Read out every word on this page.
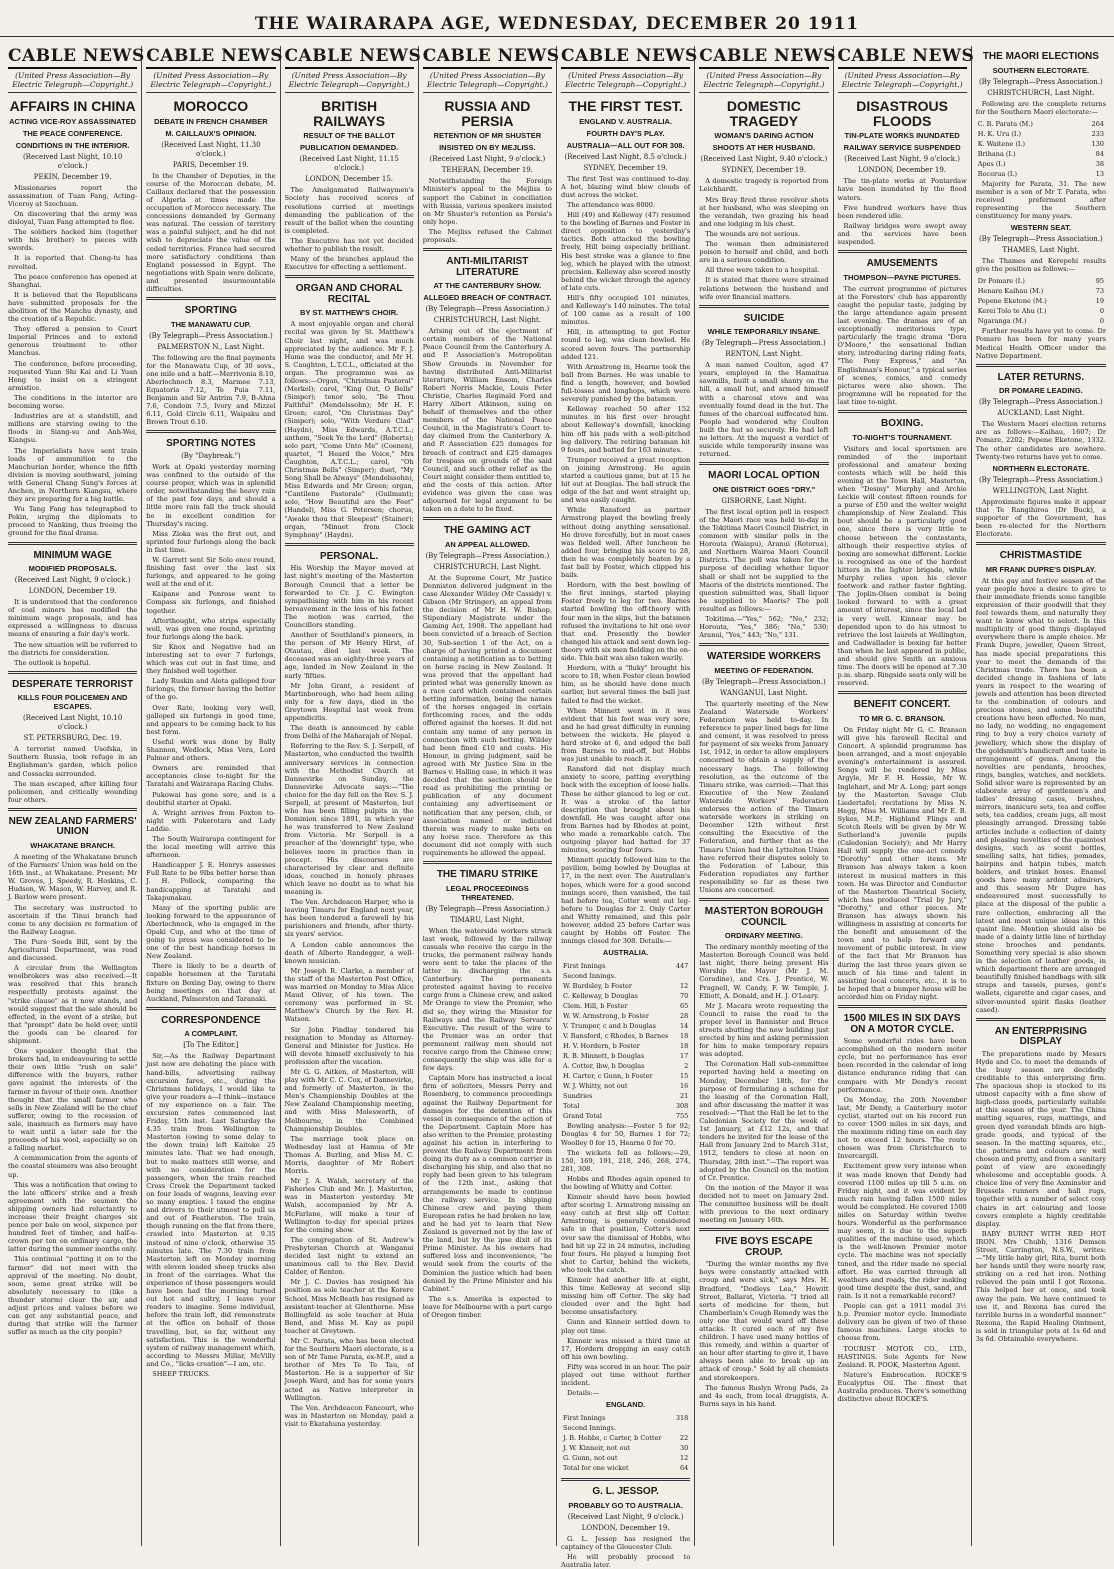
THE WAIRARAPA AGE, WEDNESDAY, DECEMBER 20 1911
CABLE NEWS
(United Press Association—By Electric Telegraph—Copyright.)
AFFAIRS IN CHINA
ACTING VICE-ROY ASSASSINATED
THE PEACE CONFERENCE.
CONDITIONS IN THE INTERIOR.
(Received Last Night, 10.10 o'clock.)
PEKIN, December 19.

Missionaries report the assassination of Tuan Fang, Acting-Viceroy at Szechuan.

On discovering that the army was disloyal, Tuan Fang attempted to flee.

The soldiers hacked him (together with his brother) to pieces with swords.

It is reported that Cheng-tu has revolted.

The peace conference has opened at Shanghai.

It is believed that the Republicans have submitted proposals for the abolition of the Manchu dynasty, and the creation of a Republic.

They offered a pension to Court Imperial Princes and to extend generous treatment to other Manchus.

The conference, before proceeding, requested Yuan Shi Kai and Li Yuan Heng to insist on a stringent armistice.

The conditions in the interior are becoming worse.

Industries are at a standstill, and millions are starving owing to the floods in Siang-su and Anh-Wei, Kiangsu.

The Imperialists have sent train loads of ammunition to the Manchurian border, whence the fifth division is moving southward, joining with General Chang Sung's forces at Anchen, in Northern Kiangsu, where they are preparing for a big battle.

Wu Tang Fang has telegraphed to Pekin, urging the diplomats to proceed to Nanking, thus freeing the ground for the final drama.

MINIMUM WAGE
MODIFIED PROPOSALS.
(Received Last Night, 9 o'clock.)
LONDON, December 19.

It is understood that the conference of coal miners has modified the minimum wage proposals, and has expressed a willingness to discuss means of ensuring a fair day's work.

The new situation will be referred to the districts for consideration.

The outlook is hopeful.

DESPERATE TERRORIST
KILLS FOUR POLICEMEN AND ESCAPES.
(Received Last Night, 10.10 o'clock.)
ST. PETERSBURG, Dec. 19.

A terrorist named Usofska, in Southern Russia, took refuge in an Englishman's garden, which police and Cossacks surrounded.

The man escaped, after killing four policemen, and critically wounding four others.

NEW ZEALAND FARMERS' UNION
WHAKATANE BRANCH.

A meeting of the Whakatane branch of the Farmers' Union was held on the 16th inst., at Whakatane. Present: Mr W. Groves, J. Speedy, R. Hoskins, C. Hudson, W. Mason, W. Harvey, and R. J. Barlow were present.

The secretary was instructed to ascertain if the Tinui branch had come to any decision re formation of the Railway League.

The Pure Seeds Bill, sent by the Agricultural Department, was read and discussed.

A circular from the Wellington woolbrokers was also received.—It was resolved that this branch respectfully protests against the "strike clause" as it now stands, and would suggest that the sale should be effected, in the event of a strike, but that "prompt" date be held over, until the goods can be cleared for shipment.

One speaker thought that the brokers had, in endeavouring to settle their own little "rush on sale" difference with the buyers, rather gave against the interests of the farmer in favour of their own. Another thought that the small farmer who sells in New Zealand will be the chief sufferer, owing to the recession of sale, inasmuch as farmers may have to wait until a later sale for the proceeds of his wool, especially so on a falling market.

A communication from the agents of the coastal steamers was also brought up.

This was a notification that owing to the late officers' strike and a fresh agreement with the seamen the shipping owners had reluctantly to increase their freight charges six pence per bale on wool, sixpence per hundred feet of timber, and half-a-crown per ton on ordinary cargo, the latter during the summer months only.

This continual "putting it on to the farmer" did not meet with the approval of the meeting. No doubt, soon, some great strike will be absolutely necessary to (like a thunder storm) clear the air, and adjust prices and values before we can get any substantial peace, and during that strike will the farmer suffer as much as the city people?

CABLE NEWS
(United Press Association—By Electric Telegraph—Copyright.)
MOROCCO
DEBATE IN FRENCH CHAMBER
M. CAILLAUX'S OPINION.
(Received Last Night, 11.30 o'clock.)
PARIS, December 19.

In the Chamber of Deputies, in the course of the Moroccan debate, M. Caillaux declared that the possession of Algeria at times made the occupation of Morocco necessary. The concessions demanded by Germany was natural. The cession of territory was a painful subject, and he did not wish to depreciate the value of the ceded territories. France had secured more satisfactory conditions than England possessed in Egypt. The negotiations with Spain were delicate, and presented insurmountable difficulties.

SPORTING
THE MANAWATU CUP.
(By Telegraph—Press Association.)
PALMERSTON N., Last Night.

The following are the final payments for the Manawatu Cup, of 30 sovs., one mile and a half.—Merrivonia 8.10, Aberlochnoch 8.3, Marmee 7.13, Equatoria 7.12, Te Puia 7.11, Benjamin and Sir Antrim 7.9, B-Ahna 7.6, Condoin 7.5, Ivory and Mizzel 6.11, Gold Circle 6.11, Waipaku and Brown Trout 6.10.

SPORTING NOTES
(By "Daybreak.")

Work at Opaki yesterday morning was confined to the outside of the course proper, which was in splendid order, notwithstanding the heavy rain of the past few days, and should a little more rain fall the track should be in excellent condition for Thursday's racing.

Miss Zioka was the first out, and sprinted four furlongs along the back in fast time.

W. Garrett sent Sir Solo once round, finishing fast over the last six furlongs, and appeared to be going well at the end of it.

Kaipane and Penrose went to Compass six furlongs, and finished together.

Afterthought, who strips especially well, was given one round, sprinting four furlongs along the back.

Sir Knox and Negative had an interesting set to over 7 furlongs, which was cut out in fast time, and they finished well together.

Lady Ruskin and Aleta galloped four furlongs, the former having the better of the go.

Over Rate, looking very well, galloped six furlongs in good time, and appears to be coming back to his best form.

Useful work was done by Bally Shannon, Wedlock, Miss Vera, Lord Palmer and others.

Owners are reminded that acceptances close to-night for the Taratahi and Wairarapa Racing Clubs.

Pukowai has gone sore, and is a doubtful starter at Opaki.

A. Wright arrives from Foxton to-night with Pukerotara and Lady Laddie.

The South Wairarapa contingent for the local meeting will arrive this afternoon.

Handicapper J. E. Henrys assesses Full Rate to be 9lbs better horse than J. H. Pollock, comparing the handicapping at Taratahi and Takapunakau.

Many of the sporting public are looking forward to the appearance of Aberlochnock, who is engaged in the Opaki Cup, and who at the time of going to press was considered to be one of the best handicap horses in New Zealand.

There is likely to be a dearth of capable horsemen at the Taratahi fixture on Boxing Day, owing to there being meetings on that day at Auckland, Palmerston and Taranaki.

CORRESPONDENCE
A COMPLAINT.
[To The Editor.]

Sir,—As the Railway Department just now are debating the place with hand-bills, advertising railway excursion fares, etc., during the Christmas holidays, I would like to give your readers a—I think—instance of my experience on a fair. The excursion rates commenced last Friday, 15th inst. Last Saturday the 4.35 train from Wellington to Masterton (owing to some delay to the down train) left Kaitoke 25 minutes late. That we had enough, but to make matters still worse, and with no consideration for the passengers, when the train reached Cross Creek the Department tacked on four loads of wagons, leaving ever so many empties. I taxed the engine and drivers to their utmost to pull us and out of Featherston. The train, though running on the flat from there, crawled into Masterton at 9.35 instead of nine o'clock, otherwise 35 minutes late. The 7.30 train from Masterton left on Monday morning with eleven loaded sheep trucks also in front of the carriages. What the experience of those passengers would have been had the morning turned out hot and sultry, I leave your readers to imagine. Some individual, before the train left, did remonstrate at the office on behalf of those travelling, but, so far, without any satisfaction. This is the wonderful system of railway management which, according to Messrs Millar, McVilly and Co., "licks creation"—I am, etc.

SHEEP TRUCKS.

CABLE NEWS
(United Press Association—By Electric Telegraph—Copyright.)
BRITISH RAILWAYS
RESULT OF THE BALLOT
PUBLICATION DEMANDED.
(Received Last Night, 11.15 o'clock.)
LONDON, December 15.

The Amalgamated Railwaymen's Society has received scores of resolutions carried at meetings demanding the publication of the result of the ballot when the counting is completed.

The Executive has not yet decided whether to publish the result.

Many of the branches applaud the Executive for effecting a settlement.

ORGAN AND CHORAL RECITAL
BY ST. MATTHEW'S CHOIR.

A most enjoyable organ and choral recital was given by St. Matthew's Choir last night, and was much appreciated by the audience. Mr F. J. Hume was the conductor, and Mr H. S. Caughton, L.T.C.L., officiated at the organ. The programme was as follows:—Organ, "Christmas Pastoral" (Merkel); carol, "King Out, O Bells" (Simper); tenor solo, "Be Thou Faithful" (Mendelssohn); Mr H. F. Green; carol, "On Christmas Day" (Simper); solo, "With Verdure Clad" (Haydn), Miss Edwards, A.T.C.L.; anthem, "Seek Ye the Lord" (Roberts); solo part, "Come Unto Me" (Coenen), quartet, "I Heard the Voice," Mrs Caughton, A.T.C.L.; carol, "Oh Christmas Bells" (Simper); duet, "My Song Shall be Always" (Mendelssohn), Miss Edwards and Mr Green; organ, "Cantilene Pastorale" (Guilmant); solo, "How Beautiful are the Feet" (Handel), Miss G. Petersen; chorus, "Awake thou that Sleepest" (Stainer); organ, "Minuet from Clock Symphony" (Haydn).

PERSONAL.

His Worship the Mayor moved at last night's meeting of the Masterton Borough Council that a letter be forwarded to Cr. J. C. Ewington sympathising with him in his recent bereavement in the loss of his father. The motion was carried, the Councillors standing.

Another of Southland's pioneers, in the person of Mr Henry Hirst, of Otautau, died last week. The deceased was an eighty-three years of age, landed in New Zealand in the early 'fifties.

Mr John Grant, a resident of Martinborough, who had been ailing only for a few days, died in the Greytown Hospital last week from appendicitis.

The death is announced by cable from Delhi of the Maharajah of Nepal.

Referring to the Rev. S. J. Serpell, of Masterton, who conducted the twelfth anniversary services in connection with the Methodist Church at Dannevirke on Sunday, the Dannevirke Advocate says:—"The choice for the day fell on the Rev. S. J. Serpell, at present of Masterton, but who has been filling pulpits in the Dominion since 1891, in which year he was transferred to New Zealand from Victoria. Mr Serpell is a preacher of the 'downright' type, who believes more in practice than in precept. His discourses are characterised by clear and definite ideas, couched in homely phrases which leave no doubt as to what his meaning is.

The Ven. Archdeacon Harper, who is leaving Timaru for England next year, has been tendered a farewell by his parishioners and friends, after thirty-six years' service.

A London cable announces the death of Alberto Randegger, a well-known musician.

Mr Joseph R. Clarke, a member of the staff of the Masterton Post Office, was married on Monday to Miss Alice Maud Oliver, of his town. The ceremony was performed in St. Matthew's Church by the Rev. H. Watson.

Sir John Findlay tendered his resignation to Monday as Attorney-General and Minister for Justice. He will devote himself exclusively to his profession after the vacation.

Mr G. G. Aitken, of Masterton, will play with Mr C. C. Cox, of Dannevirke, and formerly of Masterton, in the Men's Championship Doubles at the New Zealand Championship meeting, and with Miss Molesworth, of Melbourne, in the Combined Championship Doubles.

The marriage took place on Wednesday last at Hamua of Mr Thomas A. Burling, and Miss M. C. Morris, daughter of Mr Robert Morris.

Mr J. A. Walsh, secretary of the Fisheries Club and Mr. J. Masterton, was in Masterton yesterday. Mr Walsh, accompanied by Mr A. McFarlane, will make a tour of Wellington to-day for special prizes for the coming show.

The congregation of St. Andrew's Presbyterian Church at Wanganui decided last night to extend an unanimous call to the Rev. David Calder, of Renton.

Mr J. C. Davies has resigned his position as sole teacher at the Korere School. Miss McBeath has resigned as assistant-teacher at Glenthorne. Miss Bollingfeld as sole teacher at Huia Bend, and Miss M. Kay as pupil teacher at Greytown.

Mr C. Parata, who has been elected for the Southern Maori electorate, is a son of Mr Tame Parata, ex-M.P., and a brother of Mrs Te Te Tau, of Masterton. He is a supporter of Sir Joseph Ward, and has for some years acted as Native interpreter in Wellington.

The Ven. Archdeacon Fancourt, who was in Masterton on Monday, paid a visit to Ekatahuna yesterday.

CABLE NEWS
(United Press Association—By Electric Telegraph—Copyright.)
RUSSIA AND PERSIA
RETENTION OF MR SHUSTER
INSISTED ON BY MEJLISS.
(Received Last Night, 9 o'clock.)
TEHERAN, December 19.

Notwithstanding the Foreign Minister's appeal to the Mejliss to support the Cabinet in conciliation with Russia, various speakers insisted on Mr Shuster's retention as Persia's only hope.

The Mejliss refused the Cabinet proposals.

ANTI-MILITARIST LITERATURE
AT THE CANTERBURY SHOW.
ALLEGED BREACH OF CONTRACT.
(By Telegraph—Press Association.)
CHRISTCHURCH, Last Night.

Arising out of the ejectment of certain members of the National Peace Council from the Canterbury A. and P. Association's Metropolitan Show Grounds in November for having distributed Anti-Militarist literature, William Ensom, Charles Robert Norris Mackie, Louis Peter Christie, Charles Reginald Ford and Harry Albert Atkinson, suing on behalf of themselves and the other members of the National Peace Council, in the Magistrate's Court to-day claimed from the Canterbury A. and P. Association £25 damages for breach of contract and £25 damages for trespass on grounds of the said Council, and such other relief as the Court might consider them entitled to, and the costs of this action. After evidence was given the case was adjourned for legal argument to be taken on a date to be fixed.

THE GAMING ACT
AN APPEAL ALLOWED.
(By Telegraph—Press Association.)
CHRISTCHURCH, Last Night.

At the Supreme Court, Mr Justice Denniston delivered judgment in the case Alexander Wildey (Mr Cassidy) v. Gibson (Mr Stringer), an appeal from the decision of Mr H. W. Bishop, Stipendiary Magistrate under the Gaming Act, 1908. The appellant had been convicted of a breach of Section 30, Sub-section 1 of the Act, on a charge of having printed a document containing a notification as to betting on horse racing in New Zealand. It was proved that the appellant had printed what was generally known as a race card which contained certain betting information, being the names of the horses engaged in certain forthcoming races, and the odds offered against the horses. It did not contain any name of any person in connection with such betting. Wildey had been fined £10 and costs. His Honour, in giving judgment, said he agreed with Mr Justice Sim in the Barnes v. Halling case, in which it was decided that the section should be read as prohibiting the printing or publication of any document containing any advertisement or notification that any person, club, or association named or indicated therein was ready to make bets on any horse race. Therefore as this document did not comply with such requirements he allowed the appeal.

THE TIMARU STRIKE
LEGAL PROCEEDINGS THREATENED.
(By Telegraph—Press Association.)
TIMARU, Last Night.

When the waterside workers struck last week, followed by the railway casuals who receive the cargo in the trucks, the permanent railway hands were sent to take the places of the latter in discharging the s.s. Canterbury. The permanents protested against having to receive cargo from a Chinese crew, and asked Mr Orange to view the Premier, who did so, they wiring the Minister for Railways and the Railway Servants' Executive. The result of the wire to the Premier was an order that permanent railway men should not receive cargo from the Chinese crew; consequently the ship was idle for a few days.

Captain More has instructed a local firm of solicitors, Messrs Perry and Rosenberg, to commence proceedings against the Railway Department for damages for the detention of this vessel in consequence of the action of the Department. Captain More has also written to the Premier, protesting against his action in interfering to prevent the Railway Department from doing its duty as a common carrier in discharging his ship, and also that no reply had been given to his telegram of the 12th inst., asking that arrangements be made to continue the railway service. In shipping Chinese crew and paying them European rates he had broken no law, and he had yet to learn that New Zealand is governed not by the law of the land, but by the ipse dixit of its Prime Minister. As his owners had suffered loss and inconvenience, "he would seek from the courts of the Dominion the justice which had been denied by the Prime Minister and his Cabinet."

The s.s. Amerika is expected to leave for Melbourne with a part cargo of Oregon timber.

CABLE NEWS
(United Press Association—By Electric Telegraph—Copyright.)
THE FIRST TEST.
ENGLAND V. AUSTRALIA.
FOURTH DAY'S PLAY.
AUSTRALIA—ALL OUT FOR 308.
(Received Last Night, 8.5 o'clock.)
SYDNEY, December 19.

The first Test was continued to-day. A hot, blazing wind blew clouds of dust across the wicket.

The attendance was 8000.

Hill (49) and Kelleway (47) resumed to the bowling of Barnes and Foster in direct opposition to yesterday's tactics. Both attacked the bowling freely, Hill being especially brilliant. His best stroke was a glance to fine leg, which he played with the utmost precision. Kelleway also scored mostly behind the wicket through the agency of late cuts.

Hill's fifty occupied 101 minutes, and Kelleway's 140 minutes. The total of 100 came as a result of 100 minutes.

Hill, in attempting to get Foster round to leg, was clean bowled. He scored seven fours. The partnership added 121.

With Armstrong in, Hearne took the ball from Barnes. He was unable to find a length, however, and bowled full-tosses and longhops, which were severely punished by the batsmen.

Kelleway reached 50 after 152 minutes in his first over brought about Kelleway's downfall, knocking him off his pads with a well-pitched leg delivery. The retiring batsman hit 9 fours, and batted for 163 minutes.

Trumper received a great reception on joining Armstrong. He again started a cautious game, but at 15 he hit out at Douglas. The ball struck the edge of the bat and went straight up, and was easily caught.

While Ransford as partner Armstrong played the bowling freely without doing anything sensational. He drove forcefully, but in most cases was fielded well. After luncheon he added four, bringing his score to 28, then he was completely beaten by a fast ball by Foster, which clipped his bails.

Hordern, with the best bowling of the first innings, started playing Foster freely to leg for two. Barnes started bowling the off-theory with four men in the slips, but the batsmen refused the invitations to hit one over that end. Presently the bowler changed his attack and sent down leg-theory with six men fielding on the on-side. This bait was also taken warily.

Hordern, with a "fluky" brought his score to 18, when Foster clean bowled him, as he should have done much earlier, but several times the ball just failed to find the wicket.

When Minnett went in it was evident that his foot was very sore, and he had great difficulty in running between the wickets. He played a hard stroke at 6, and edged the ball from Barnes to mid-off, but Hobbs was just unable to reach it.

Ransford did not display much anxiety to score, patting everything back with the exception of loose balls. These he either glanced to leg or cut. It was a stroke of the latter description that brought about his downfall. He was caught after one from Barnes had by Rhodes at point, who made a remarkable catch. The outgoing player had batted for 37 minutes, scoring four fours.

Minnett quickly followed him to the pavilion, being bowled by Douglas at 17, in the next over. The Australian's hopes, which were for a good second innings score, then vanished, the tail had before tea, Cotter went out leg-before to Douglas for 2. Only Carter and Whitty remained, and this pair however, added 25 before Carter was caught by Hobbs off Foster. The innings closed for 308. Details:—

AUSTRALIA.
First Innings	447
Second Innings.	
W. Bardsley, b Foster	12
C. Kelleway, b Douglas	70
Clem. Hill, b Foster	65
W. W. Armstrong, b Foster	28
V. Trumper, c and b Douglas	14
V. Ransford, c Rhodes, b Barnes	18
H. V. Hordern, b Foster	18
R. B. Minnett, b Douglas	17
A. Cotter, lbw, b Douglas	2
H. Carter, c Gunn, b Foster	15
W. J. Whitty, not out	16
Sundries	21
Total	308
Grand Total	755

Bowling analysis:—Foster 5 for 92; Douglas 4 for 50, Barnes 1 for 72; Woolley 0 for 15, Hearne 0 for 70.

The wickets fell as follows:—29, 150, 169, 191, 218, 246, 268, 274, 281, 308.

Hobbs and Rhodes again opened to the bowling of Whitty and Cotter.

Kinneir should have been bowled after scoring 1. Armstrong missing an easy catch at first slip off Cotter. Armstrong, is generally considered safe in that position, Cotter's next over saw the dismissal of Hobbs, who had hit up 22 in 24 minutes, including four fours. He played a lumping foot shot to Carter, behind the wickets, who took the catch.

Kinneir had another life at eight, this time Kelleway at second slip missing him off Cotter. The sky had clouded over and the light had become unsatisfactory.

Gunn and Kinneir settled down to play out time.

Kinneir was missed a third time at 17, Hordern dropping an easy catch off his own bowling.

Fifty was scored in an hour. The pair played out time without further incident.

Details:—

ENGLAND.
First Innings	318
Second Innings.	
J. B. Hobbs, c Carter, b Cotter	22
J. W. Kinneir, not out	30
G. Gunn, not out	12
Total for one wicket	64
G. L. JESSOP.
PROBABLY GO TO AUSTRALIA.
(Received Last Night, 9 o'clock.)
LONDON, December 19.

G. L. Jessop has resigned the captaincy of the Gloucester Club.

He will probably proceed to Australia later.

CABLE NEWS
(United Press Association—By Electric Telegraph—Copyright.)
DOMESTIC TRAGEDY
WOMAN'S DARING ACTION
SHOOTS AT HER HUSBAND.
(Received Last Night, 9.40 o'clock.)
SYDNEY, December 19.

A domestic tragedy is reported from Leichhardt.

Mrs Bray fired three revolver shots at her husband, who was sleeping on the verandah, two grazing his head and one lodging in his chest.

The wounds are not serious.

The woman then administered poison to herself and child, and both are in a serious condition.

All three were taken to a hospital.

It is stated that there were strained relations between the husband and wife over financial matters.

SUICIDE
WHILE TEMPORARILY INSANE.
(By Telegraph—Press Association.)
RENTON, Last Night.

A man named Coulton, aged 47 years, employed in the Hamaitua sawmills, built a small shanty on the hill, a small hut, and armed himself with a charcoal stove and was eventually found dead in the hut. The fumes of the charcoal suffocated him. People had wondered why Coulton built the hut so securely. He had left no letters. At the inquest a verdict of suicide while temporarily insane was returned.

MAORI LOCAL OPTION
ONE DISTRICT GOES "DRY."
GISBORNE, Last Night.

The first local option poll in respect of the Maori race was held to-day in the Tokitima Maori Council District, in common with similar polls in the Horouta (Waiapu), Aranui (Rotorua), and Northern Wairoa Maori Council Districts. The poll was taken for the purpose of deciding whether liquor shall or shall not be supplied to the Maoris of the districts mentioned. The question submitted was, Shall liquor be supplied to Maoris? The poll resulted as follows:—

Tokitima.—"Yes," 562; "No," 232; Horouta, "Yes," 386; "No," 530; Aranui, "Yes," 443; "No," 131.

WATERSIDE WORKERS
MEETING OF FEDERATION.
(By Telegraph—Press Association.)
WANGANUI, Last Night.

The quarterly meeting of the New Zealand Waterside Workers' Federation was held to-day. In reference to paper lined bags for lime and cement, it was resolved to press for payment of six weeks from January 1st, 1912, in order to allow employers concerned to obtain a supply of the necessary bags. The following resolution, as the outcome of the Timaru strike, was carried:—That this Executive of the New Zealand Waterside Workers' Federation endorses the action of the Timaru waterside workers in striking on December 12th without first consulting the Executive of the Federation, and further that as the Timaru Union had the Lyttelton Union have referred their disputes solely to the Federation of Labour, this Federation repudiates any further responsibility so far as these two Unions are concerned.

MASTERTON BOROUGH COUNCIL
ORDINARY MEETING.

The ordinary monthly meeting of the Masterton Borough Council was held last night, there being present His Worship the Mayor (Mr J. M. Coradine), and Crs. J. Prentice, W. Pragnell, W. Candy, F. W. Temple, J. Elliott, A. Donald, and H. J. O'Leary.

Mr J. Macara wrote requesting the Council to raise the road to the proper level in Bannister and Bruce streets abutting the new building just erected by him and asking permission for him to make temporary repairs was adopted.

The Coronation Hall sub-committee reported having held a meeting on Monday, December 18th, for the purpose of formulating a scheme for the leasing of the Coronation Hall, and after discussing the matter it was resolved:—"That the Hall be let to the Caledonian Society for the week of 1st January, at £12 12s, and that tenders be invited for the lease of the Hall from January 2nd to March 31st, 1912, tenders to close at noon on Thursday, 28th inst."—The report was adopted by the Council on the motion of Cr. Prentice.

On the motion of the Mayor it was decided not to meet on January 2nd. The committee business will be dealt with previous to the next ordinary meeting on January 16th.

FIVE BOYS ESCAPE CROUP.

"During the winter months my five boys were constantly attacked with croup and were sick," says Mrs. H. Bradford, "Dodleys Lea," Howitt Street, Ballarat, Victoria. "I tried all sorts of medicine for them, but Chamberlain's Cough Remedy was the only one that would ward off these attacks. It cured each of my five children. I have used many bottles of this remedy, and within a quarter of an hour after starting to give it, I have always been able to break up an attack of croup." Sold by all chemists and storekeepers.

The famous Ruslyn Wrong Pads, 2s and 4s each, from local druggists, A. Burns says in his hand.

CABLE NEWS
(United Press Association—By Electric Telegraph—Copyright.)
DISASTROUS FLOODS
TIN-PLATE WORKS INUNDATED
RAILWAY SERVICE SUSPENDED
(Received Last Night, 9 o'clock.)
LONDON, December 19.

The tin-plate works at Pontardaw have been inundated by the flood waters.

Five hundred workers have thus been rendered idle.

Railway bridges were swept away and the services have been suspended.

AMUSEMENTS
THOMPSON—PAYNE PICTURES.

The current programme of pictures at the Foresters' club has apparently caught the popular taste, judging by the large attendance again present last evening. The dramas are of an exceptionally meritorious type, particularly the tragic drama "Dora O'Moore," the sensational Indian story, introducing daring riding feats, "The Pony Express," and "An Englishman's Honour," a typical series of scenes, comics, and comedy pictures were also shown. The programme will be repeated for the last time to-night.

BOXING.
TO-NIGHT'S TOURNAMENT.

Visitors and local sportsmen are reminded of the important professional and amateur boxing contests which will be held this evening at the Town Hall, Masterton, when "Desmy" Murphy and Archie Leckie will contest fifteen rounds for a purse of £50 and the welter weight championship of New Zealand. This bout should be a particularly good one, since there is very little to choose between the contestants, although their respective styles of boxing are somewhat different. Leckie is recognised as one of the hardest hitters in the lighter brigade, while Murphy relies upon his clever footwork and rather faster fighting. The Joplin-Olsen combat is being looked forward to with a great amount of interest, since the local lad is very well. Kinnear may be depended upon to do his utmost to retrieve the lost laurels at Wellington, and Cadwallader is boxing far better than when he last appeared in public, and should give Smith an anxious time. The doors will be opened at 7.30 p.m. sharp. Ringside seats only will be reserved.

BENEFIT CONCERT.
TO MR G. C. BRANSON.

On Friday night Mr G. C. Branson will give his farewell Recital and Concert. A splendid programme has been arranged, and a most enjoyable evening's entertainment is assured. Songs will be rendered by Miss Argyle, Mr F. H. Hessie, Mr W. Inglehart, and Mr A. Long; part songs by the Masterton Savage Club Liedertafel; recitations by Miss N. Hegg, Miss M. Williams and Mr E. B. Sykes, M.P.; Highland Flings and Scotch Reels will be given by Mr W. Sutherland's juvenile pupils (Caledonian Society); and Mr Harry Hall will supply the one-act comedy "Dorothy" and other items. Mr Branson has always taken a keen interest in musical matters in this town. He was Director and Conductor of the Masterton Theatrical Society, which has produced "Trial by Jury," "Dorothy," and other pieces. Mr Branson has always shown his willingness in assisting at concerts for the benefit and amusement of the town and to help forward any movement of public interest. In view of the fact that Mr Branson has during the last three years given so much of his time and talent in assisting local concerts, etc., it is to be hoped that a bumper house will be accorded him on Friday night.

1500 MILES IN SIX DAYS ON A MOTOR CYCLE.

Some wonderful rides have been accomplished on the modern motor cycle, but no performance has ever been recorded in the calendar of long distance endurance riding that can compare with Mr Dendy's recent performance.

On Monday, the 20th November last, Mr Dendy, a Canterbury motor cyclist, started out on his record run to cover 1500 miles in six days, and the maximum riding time on each day not to exceed 12 hours. The route chosen was from Christchurch to Invercargill.

Excitement grew very intense when it was made known that Dendy had covered 1100 miles up till 5 a.m. on Friday night, and it was evident by much rain having fallen 1500 miles would be completed. He covered 1500 miles on Saturday within twelve hours. Wonderful as the performance may seem, it is due to the superb qualities of the machine used, which is the well-known Premier motor cycle. The machine was not specially tuned, and the rider made no special effort. He was carried through all weathers and roads, the rider making good time despite the dust, sand, and rain. Is it not a remarkable record?

People can get a 1911 model 3½ h.p. Premier motor cycle. Immediate delivery can be given of two of these famous machines. Large stocks to choose from.

TOURIST MOTOR CO., LTD., HASTINGS. Sole Agents for New Zealand. R. POOK, Masterton Agent.

Nature's Embrocation. ROCKE'S Eucalyptus Oil. The finest that Australia produces. There's something distinctive about ROCKE'S.

THE MAORI ELECTIONS
SOUTHERN ELECTORATE.
(By Telegraph—Press Association.)
CHRISTCHURCH, Last Night.

Following are the complete returns for the Southern Maori electorate:—

C. R. Parata (M.)	264
H. K. Uru (I.)	233
K. Waitene (I.)	130
Brihana (I.)	84
Apes (I.)	38
Rocerua (I.)	13

Majority for Parata, 31. The new member is a son of Mr T. Parata, who received preferment after representing the Southern constituency for many years.

WESTERN SEAT.
(By Telegraph—Press Association.)
THAMES, Last Night.

The Thames and Kerepehi results give the position as follows:—

Dr Pomare (I.)	95
Henare Kaihau (M.)	73
Pepene Eketone (M.)	19
Kerei Tolo te Ahu (I.)	0
Ngaranga (M.)	0

Further results have yet to come. Dr Pomare has been for many years Medical Health Officer under the Native Department.

LATER RETURNS.
DR POMARE LEADING.
(By Telegraph—Press Association.)
AUCKLAND, Last Night.

The Western Maori election returns are as follows:—Kaihau, 1607; Dr Pomare, 2202; Pepene Eketone, 1332. The other candidates are nowhere. Twenty-two returns have yet to come.

NORTHERN ELECTORATE.
(By Telegraph—Press Association.)
WELLINGTON, Last Night.

Approximate figures make it appear that Te Rangihiroa (Dr Buck), a supporter of the Government, has been re-elected for the Northern Electorate.

CHRISTMASTIDE
MR FRANK DUPRE'S DISPLAY.

At this gay and festive season of the year people have a desire to give to their immediate friends some tangible expression of their goodwill that they feel towards them, and naturally they want to know what to select. In this multiplicity of good things displayed everywhere there is ample choice. Mr Frank Dupre, jeweller, Queen Street, has made special preparations this year to meet the demands of the Christmas trade. There has been a decided change in fashions of late years in respect to the wearing of jewels and attention has been directed to the combination of colours and precious stones, and some beautiful creations have been effected. No man, no lady, no wedding, no engagement ring to buy a very choice variety of jewellery, which show the display of the goldsmith's handicraft and taste in arrangement of gems. Among the novelties are pendants, brooches, rings, bangles, watches, and necklets. Solid silver ware is represented by an elaborate array of gentlemen's and ladies' dressing cases, brushes, mirrors, manicure sets, tea and coffee sets, tea caddies, cream jugs, all most pleasingly arranged. Dressing table articles include a collection of dainty and pleasing novelties of the quaintest designs, such as scent bottles, smelling salts, hat tidies, pomades, hairpins and hatpin tubes, match holders, and trinket boxes. Enamel goods have many ardent admirers, and this season Mr Dupre has endeavoured most successfully to place at the disposal of the public a rare collection, embracing all the latest and most unique ideas in this quaint line. Mention should also be made of a dainty little line of birthday stone brooches and pendants. Something very special is also shown in the selection of leather goods, in which department there are arranged beautifully finished handbags with silk straps and tassels, purses, gent's wallets, cigarette and cigar cases, and silver-mounted spirit flasks (leather cased).

AN ENTERPRISING DISPLAY

The preparations made by Messrs Hyde and Co. to meet the demands of the busy season are decidedly creditable to this enterprising firm. The spacious shop is stocked to its utmost capacity with a fine show of high-class goods, particularly suitable at this season of the year. The China matting squares, rugs, mattings, and green dyed verandah blinds are high-grade goods, and typical of the season. In the matting squares, etc., the patterns and colours are well chosen and pretty, and from a sanitary point of view are exceedingly wholesome and acceptable goods. A choice line of very fine Axminster and Brussels runners and hall rugs, together with a number of select cosy chairs in art colouring and loose covers complete a highly creditable display.

BABY BURNT WITH RED HOT IRON. Mrs Chubb, 1316 Demson Street, Carrington, N.S.W., writes:—"My little baby girl, Rita, burnt both her hands until they were nearly raw, striking on a red hot iron. Nothing relieved the pain until I got Rexona. This helped her at once, and took away the pain. We have continued to use it, and Rexona has cured the terrible burns in a wonderful manner." Rexona, the Rapid Healing Ointment, is sold in triangular pots at 1s 6d and 3s 6d. Obtainable everywhere.
